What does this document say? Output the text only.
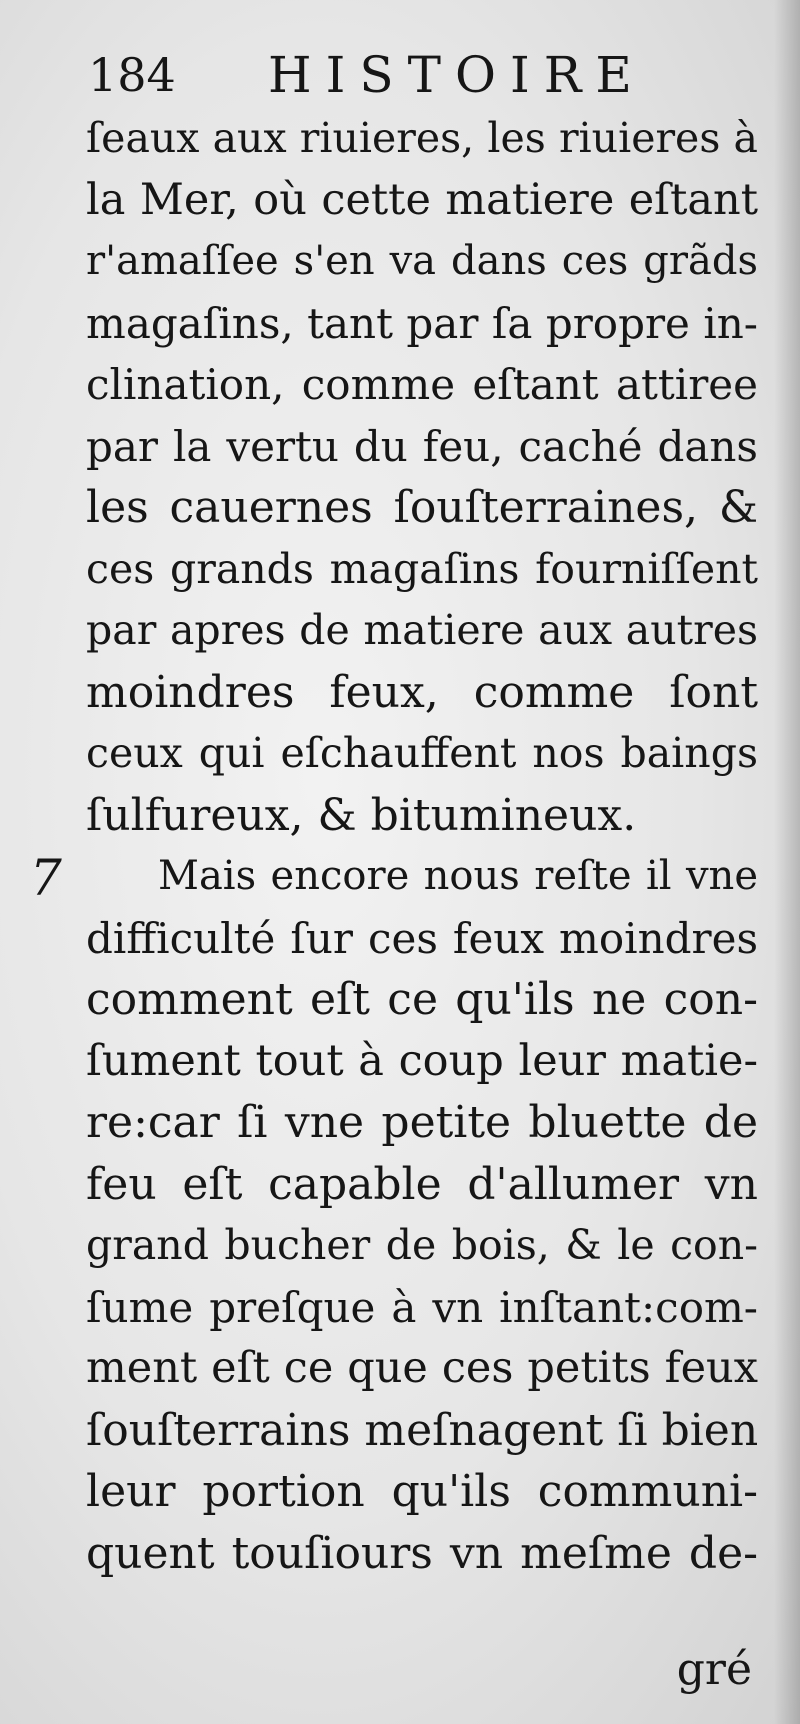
184 HISTOIRE
7
ſeaux aux riuieres, les riuieres à
la Mer, où cette matiere eſtant
r'amaſſee s'en va dans ces grãds
magaſins, tant par ſa propre in-
clination, comme eſtant attiree
par la vertu du feu, caché dans
les cauernes ſouſterraines, &
ces grands magaſins fourniſſent
par apres de matiere aux autres
moindres feux, comme ſont
ceux qui eſchauffent nos baings
ſulfureux, & bitumineux.
Mais encore nous reſte il vne
difficulté ſur ces feux moindres
comment eſt ce qu'ils ne con-
ſument tout à coup leur matie-
re:car ſi vne petite bluette de
feu eſt capable d'allumer vn
grand bucher de bois, & le con-
ſume preſque à vn inſtant:com-
ment eſt ce que ces petits feux
ſouſterrains meſnagent ſi bien
leur portion qu'ils communi-
quent touſiours vn meſme de-
gré
